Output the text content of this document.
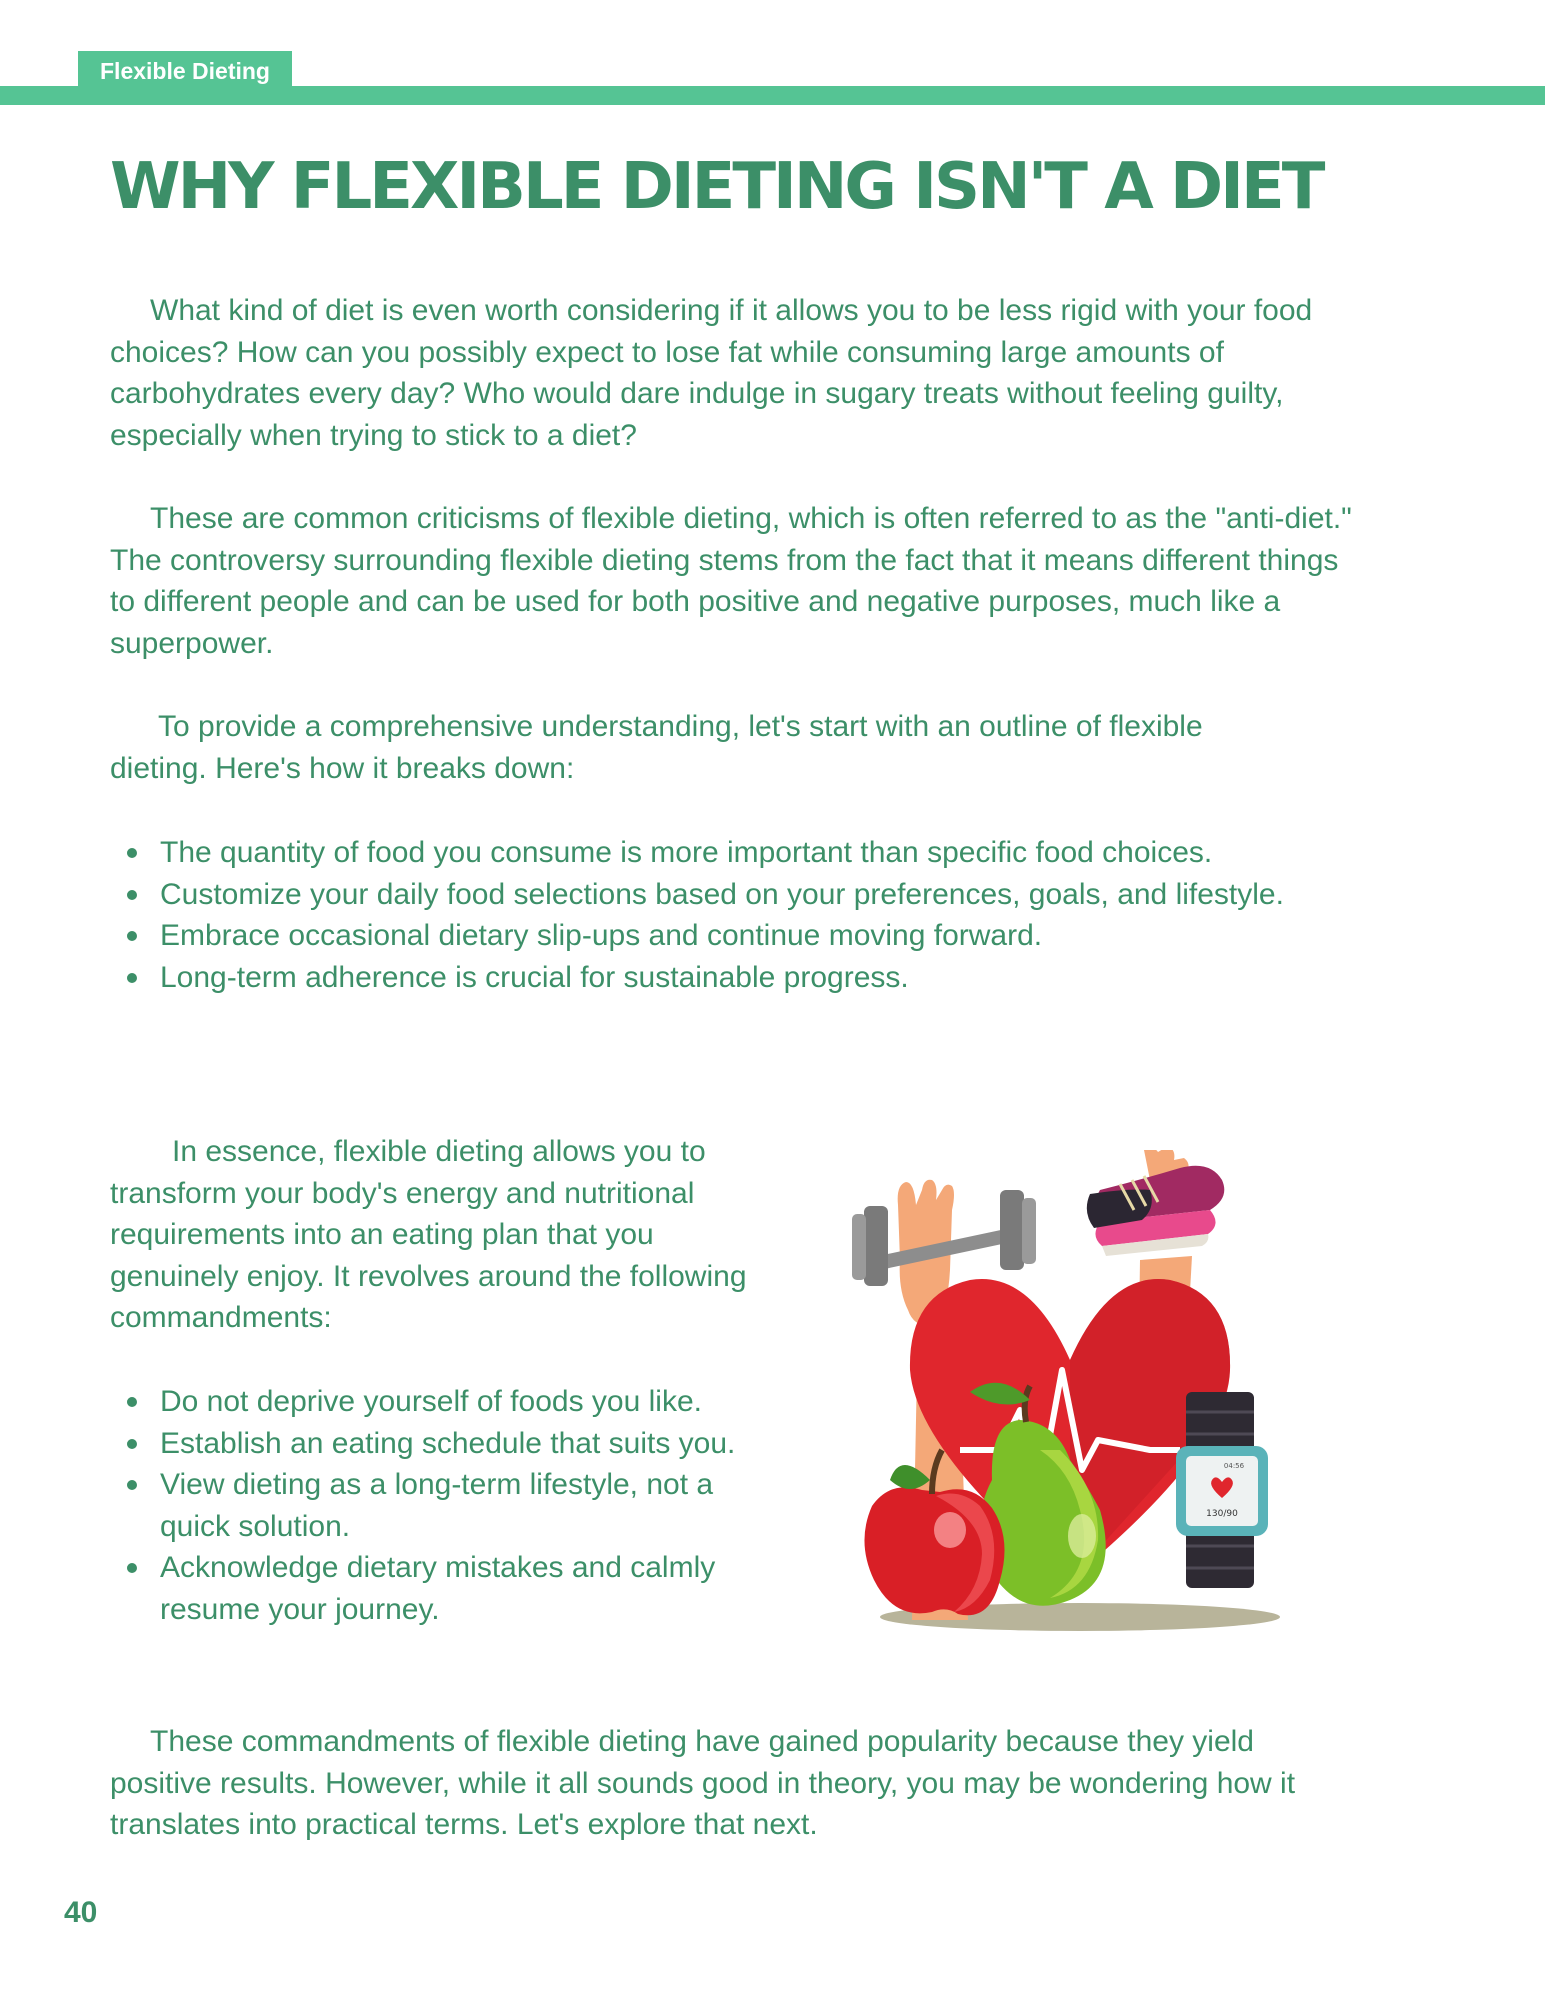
Flexible Dieting
WHY FLEXIBLE DIETING ISN'T A DIET

What kind of diet is even worth considering if it allows you to be less rigid with your food choices? How can you possibly expect to lose fat while consuming large amounts of carbohydrates every day? Who would dare indulge in sugary treats without feeling guilty, especially when trying to stick to a diet?

These are common criticisms of flexible dieting, which is often referred to as the "anti-diet." The controversy surrounding flexible dieting stems from the fact that it means different things to different people and can be used for both positive and negative purposes, much like a superpower.

To provide a comprehensive understanding, let's start with an outline of flexible dieting. Here's how it breaks down:

The quantity of food you consume is more important than specific food choices.
Customize your daily food selections based on your preferences, goals, and lifestyle.
Embrace occasional dietary slip-ups and continue moving forward.
Long-term adherence is crucial for sustainable progress.

In essence, flexible dieting allows you to transform your body's energy and nutritional requirements into an eating plan that you genuinely enjoy. It revolves around the following commandments:

Do not deprive yourself of foods you like.
Establish an eating schedule that suits you.
View dieting as a long-term lifestyle, not a quick solution.
Acknowledge dietary mistakes and calmly resume your journey.
04:56
130/90

These commandments of flexible dieting have gained popularity because they yield positive results. However, while it all sounds good in theory, you may be wondering how it translates into practical terms. Let's explore that next.

40
